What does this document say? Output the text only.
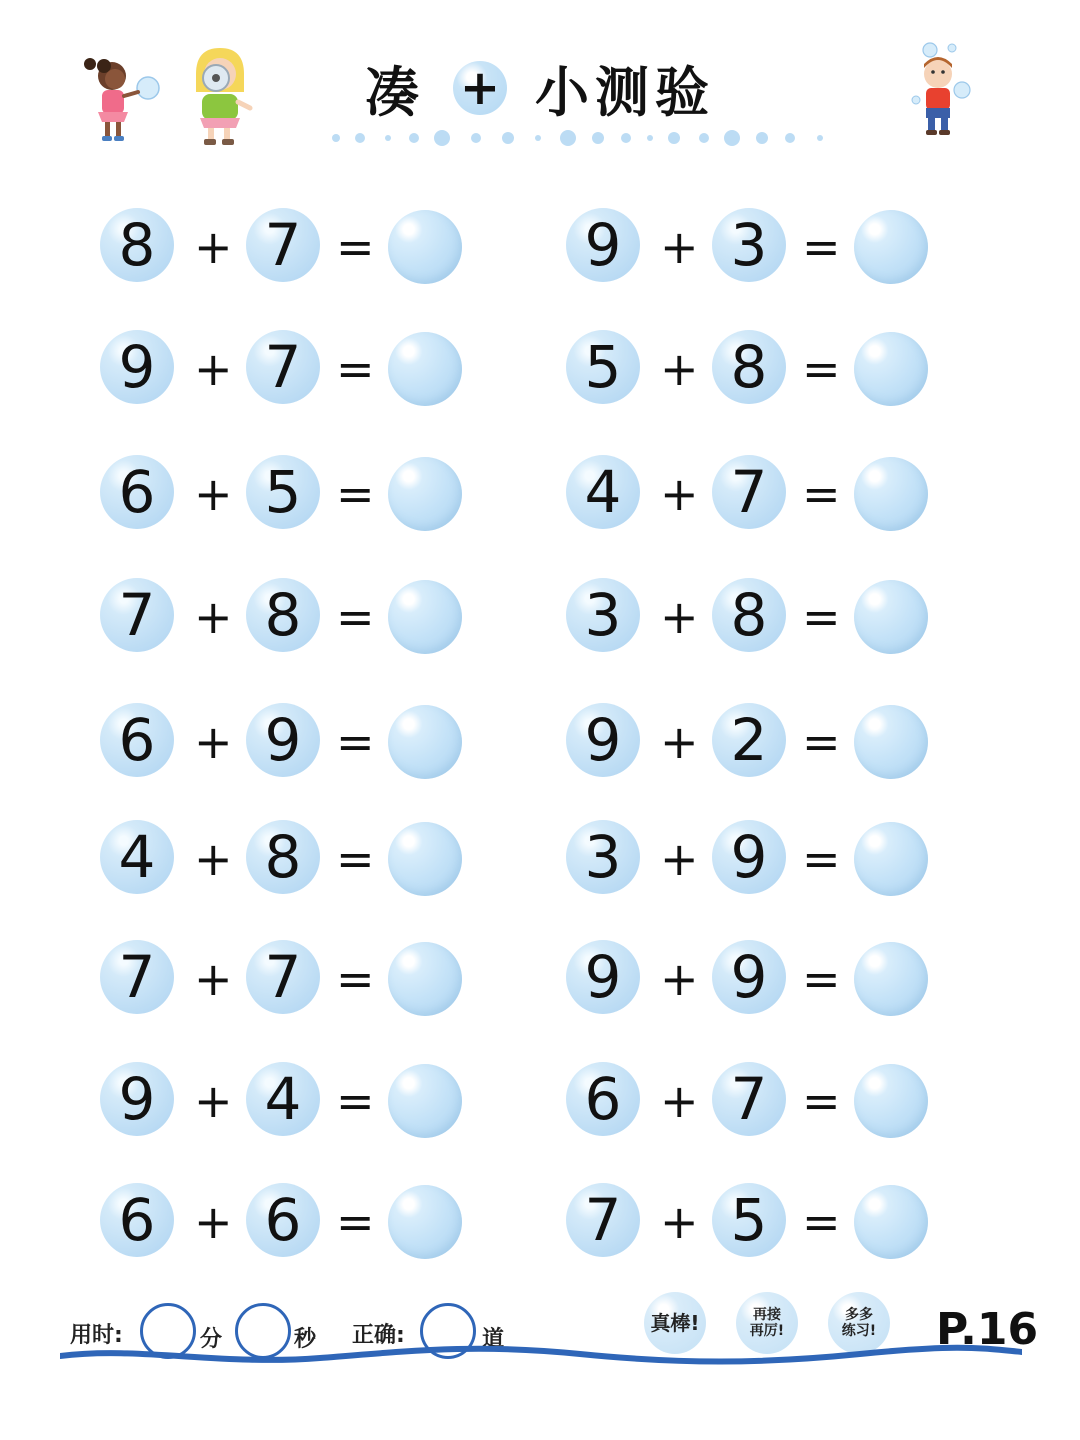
凑 + 小测验
8 + 7 =
9 + 7 =
6 + 5 =
7 + 8 =
6 + 9 =
4 + 8 =
7 + 7 =
9 + 4 =
6 + 6 =
9 + 3 =
5 + 8 =
4 + 7 =
3 + 8 =
9 + 2 =
3 + 9 =
9 + 9 =
6 + 7 =
7 + 5 =
用时:	分	秒 正确:	道
真棒!	再接
再厉!
多多
练习! P.16
